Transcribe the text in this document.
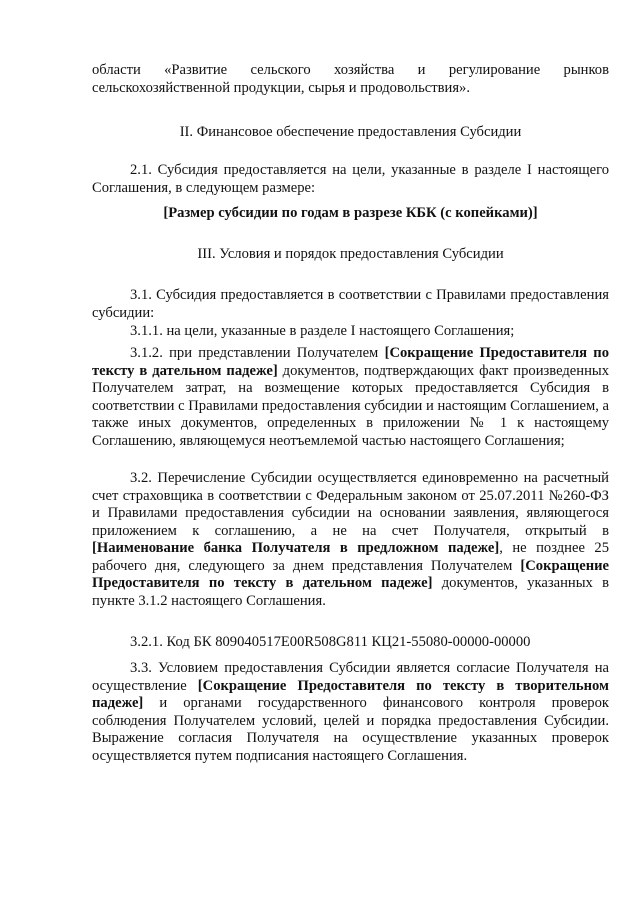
области «Развитие сельского хозяйства и регулирование рынков сельскохозяйственной продукции, сырья и продовольствия».

II. Финансовое обеспечение предоставления Субсидии

2.1. Субсидия предоставляется на цели, указанные в разделе I настоящего Соглашения, в следующем размере:

[Размер субсидии по годам в разрезе КБК (с копейками)]

III. Условия и порядок предоставления Субсидии

3.1. Субсидия предоставляется в соответствии с Правилами предоставления субсидии:

3.1.1. на цели, указанные в разделе I настоящего Соглашения;

3.1.2. при представлении Получателем [Сокращение Предоставителя по тексту в дательном падеже] документов, подтверждающих факт произведенных Получателем затрат, на возмещение которых предоставляется Субсидия в соответствии с Правилами предоставления субсидии и настоящим Соглашением, а также иных документов, определенных в приложении № 1 к настоящему Соглашению, являющемуся неотъемлемой частью настоящего Соглашения;

3.2. Перечисление Субсидии осуществляется единовременно на расчетный счет страховщика в соответствии с Федеральным законом от 25.07.2011 №260-ФЗ и Правилами предоставления субсидии на основании заявления, являющегося приложением к соглашению, а не на счет Получателя, открытый в [Наименование банка Получателя в предложном падеже], не позднее 25 рабочего дня, следующего за днем представления Получателем [Сокращение Предоставителя по тексту в дательном падеже] документов, указанных в пункте 3.1.2 настоящего Соглашения.

3.2.1. Код БК 809040517Е00R508G811 КЦ21-55080-00000-00000

3.3. Условием предоставления Субсидии является согласие Получателя на осуществление [Сокращение Предоставителя по тексту в творительном падеже] и органами государственного финансового контроля проверок соблюдения Получателем условий, целей и порядка предоставления Субсидии. Выражение согласия Получателя на осуществление указанных проверок осуществляется путем подписания настоящего Соглашения.
